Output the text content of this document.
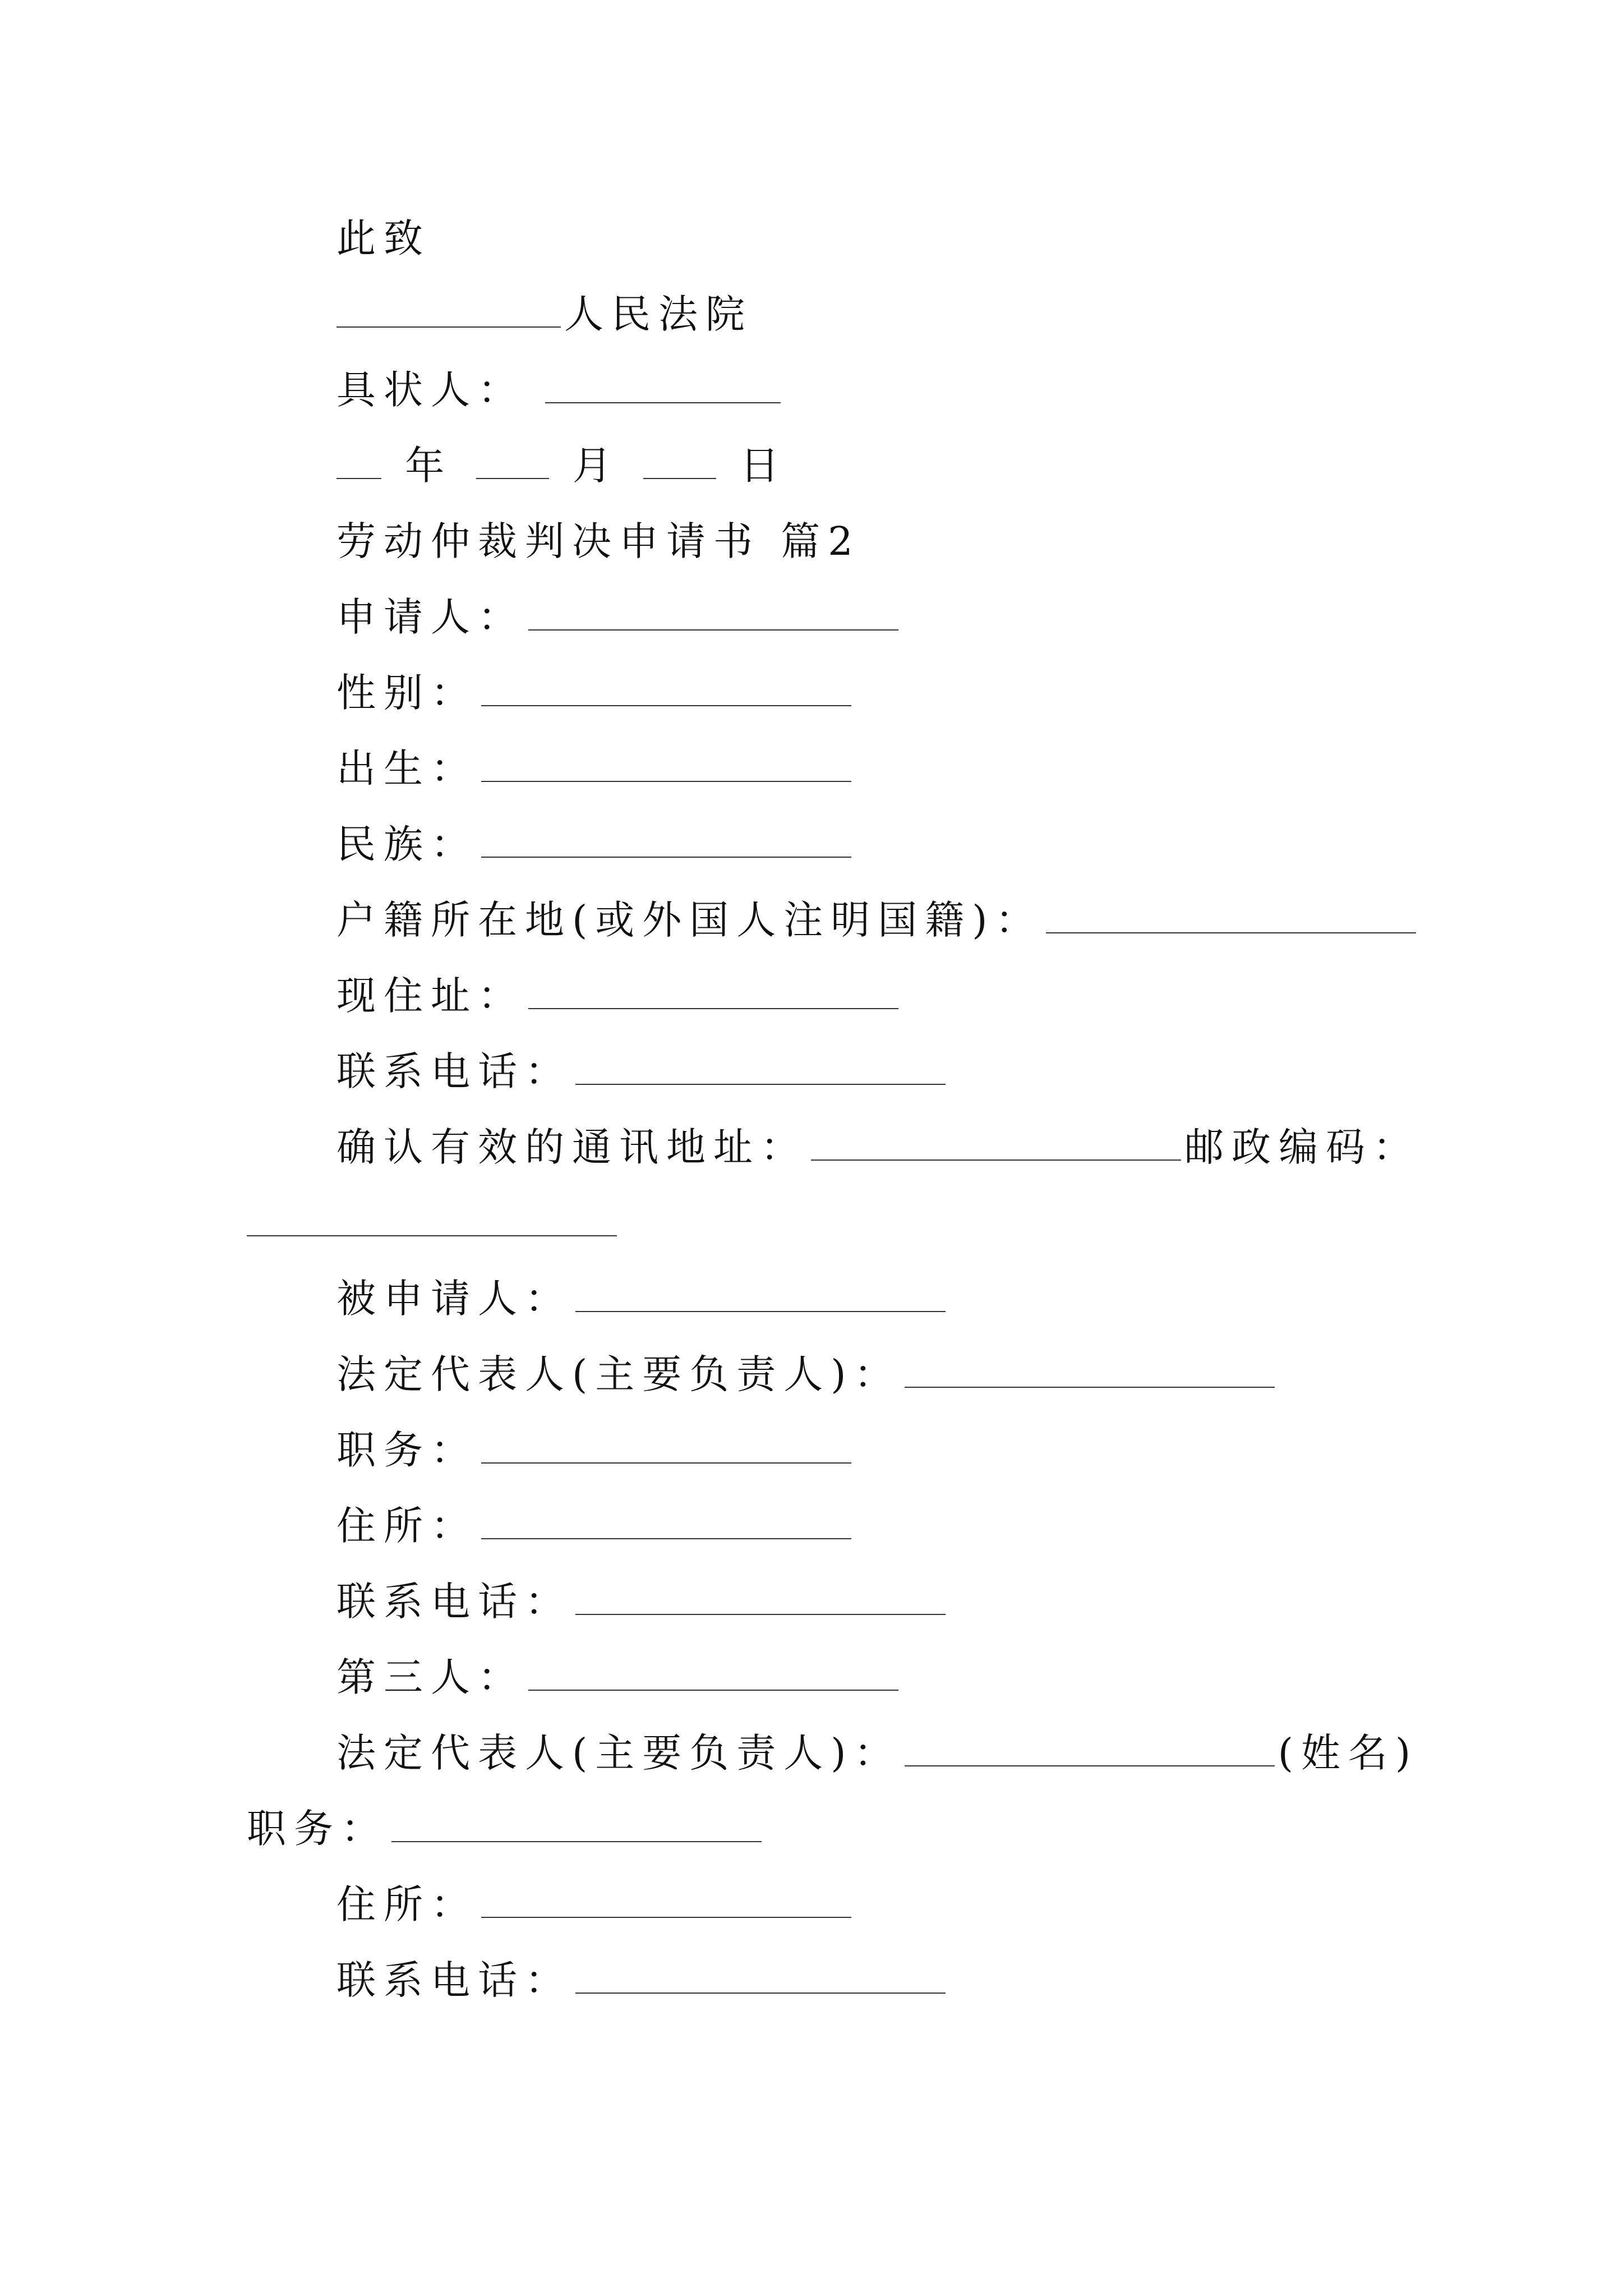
此致
人民法院
具状人：
年	月	日
劳动仲裁判决申请书 篇2
申请人：
性别：
出生：
民族：
户籍所在地(或外国人注明国籍)：
现住址：
联系电话：
确认有效的通讯地址：	邮政编码：
被申请人：
法定代表人(主要负责人)：
职务：
住所：
联系电话：
第三人：
法定代表人(主要负责人)：	(姓名)
职务：
住所：
联系电话：
